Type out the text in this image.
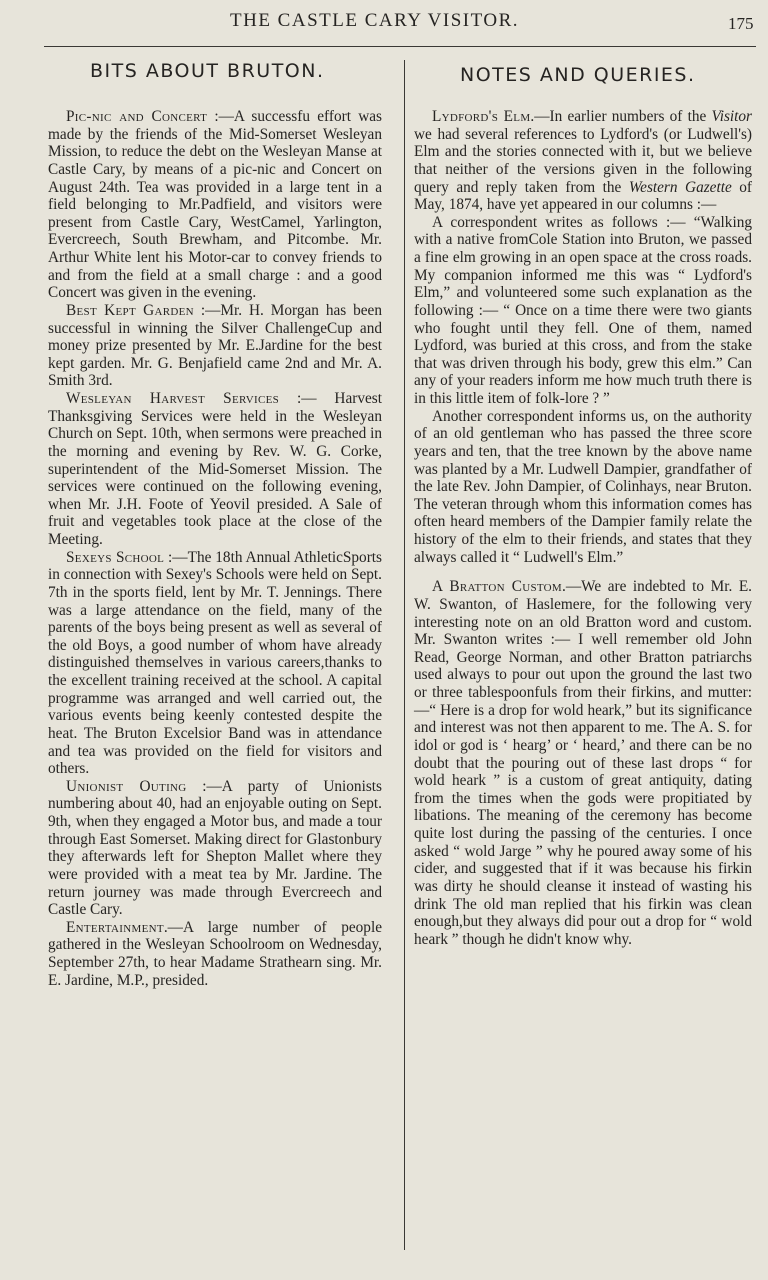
THE CASTLE CARY VISITOR.	175
BITS ABOUT BRUTON.	NOTES AND QUERIES.

Pic-nic and Concert :—A successfu effort was made by the friends of the Mid-Somerset Wesleyan Mission, to reduce the debt on the Wesleyan Manse at Castle Cary, by means of a pic-nic and Concert on August 24th. Tea was provided in a large tent in a field belonging to Mr.Padfield, and visitors were present from Castle Cary, WestCamel, Yarlington, Evercreech, South Brewham, and Pitcombe. Mr. Arthur White lent his Motor-car to convey friends to and from the field at a small charge : and a good Concert was given in the evening.

Best Kept Garden :—Mr. H. Morgan has been successful in winning the Silver ChallengeCup and money prize presented by Mr. E.Jardine for the best kept garden. Mr. G. Benjafield came 2nd and Mr. A. Smith 3rd.

Wesleyan Harvest Services :— Harvest Thanksgiving Services were held in the Wesleyan Church on Sept. 10th, when sermons were preached in the morning and evening by Rev. W. G. Corke, superintendent of the Mid-Somerset Mission. The services were continued on the following evening, when Mr. J.H. Foote of Yeovil presided. A Sale of fruit and vegetables took place at the close of the Meeting.

Sexeys School :—The 18th Annual AthleticSports in connection with Sexey's Schools were held on Sept. 7th in the sports field, lent by Mr. T. Jennings. There was a large attendance on the field, many of the parents of the boys being present as well as several of the old Boys, a good number of whom have already distinguished themselves in various careers,thanks to the excellent training received at the school. A capital programme was arranged and well carried out, the various events being keenly contested despite the heat. The Bruton Excelsior Band was in attendance and tea was provided on the field for visitors and others.

Unionist Outing :—A party of Unionists numbering about 40, had an enjoyable outing on Sept. 9th, when they engaged a Motor bus, and made a tour through East Somerset. Making direct for Glastonbury they afterwards left for Shepton Mallet where they were provided with a meat tea by Mr. Jardine. The return journey was made through Evercreech and Castle Cary.

Entertainment.—A large number of people gathered in the Wesleyan Schoolroom on Wednesday, September 27th, to hear Madame Strathearn sing. Mr. E. Jardine, M.P., presided.

Lydford's Elm.—In earlier numbers of the Visitor we had several references to Lydford's (or Ludwell's) Elm and the stories connected with it, but we believe that neither of the versions given in the following query and reply taken from the Western Gazette of May, 1874, have yet appeared in our columns :—

A correspondent writes as follows :— “Walking with a native fromCole Station into Bruton, we passed a fine elm growing in an open space at the cross roads. My companion informed me this was “ Lydford's Elm,” and volunteered some such explanation as the following :— “ Once on a time there were two giants who fought until they fell. One of them, named Lydford, was buried at this cross, and from the stake that was driven through his body, grew this elm.” Can any of your readers inform me how much truth there is in this little item of folk-lore ? ”

Another correspondent informs us, on the authority of an old gentleman who has passed the three score years and ten, that the tree known by the above name was planted by a Mr. Ludwell Dampier, grandfather of the late Rev. John Dampier, of Colinhays, near Bruton. The veteran through whom this information comes has often heard members of the Dampier family relate the history of the elm to their friends, and states that they always called it “ Ludwell's Elm.”

A Bratton Custom.—We are indebted to Mr. E. W. Swanton, of Haslemere, for the following very interesting note on an old Bratton word and custom. Mr. Swanton writes :— I well remember old John Read, George Norman, and other Bratton patriarchs used always to pour out upon the ground the last two or three tablespoonfuls from their firkins, and mutter:—“ Here is a drop for wold heark,” but its significance and interest was not then apparent to me. The A. S. for idol or god is ‘ hearg’ or ‘ heard,’ and there can be no doubt that the pouring out of these last drops “ for wold heark ” is a custom of great antiquity, dating from the times when the gods were propitiated by libations. The meaning of the ceremony has become quite lost during the passing of the centuries. I once asked “ wold Jarge ” why he poured away some of his cider, and suggested that if it was because his firkin was dirty he should cleanse it instead of wasting his drink The old man replied that his firkin was clean enough,but they always did pour out a drop for “ wold heark ” though he didn't know why.
